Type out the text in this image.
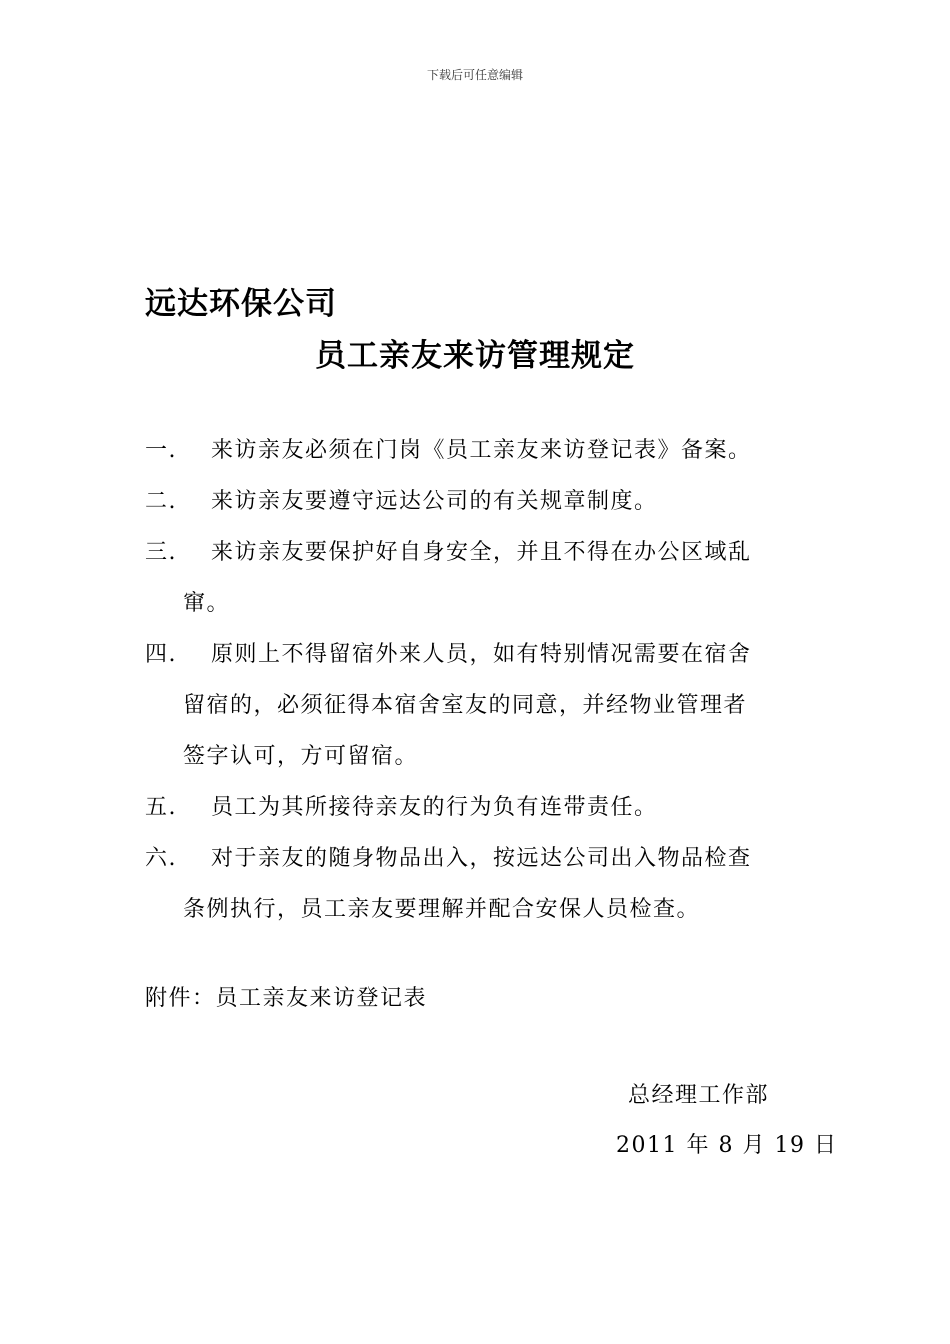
下载后可任意编辑
远达环保公司
员工亲友来访管理规定
一.	来访亲友必须在门岗《员工亲友来访登记表》备案。
二.	来访亲友要遵守远达公司的有关规章制度。
三.	来访亲友要保护好自身安全，并且不得在办公区域乱
窜。
四.	原则上不得留宿外来人员，如有特别情况需要在宿舍
留宿的，必须征得本宿舍室友的同意，并经物业管理者
签字认可，方可留宿。
五.	员工为其所接待亲友的行为负有连带责任。
六.	对于亲友的随身物品出入，按远达公司出入物品检查
条例执行，员工亲友要理解并配合安保人员检查。
附件：员工亲友来访登记表
总经理工作部
2011 年 8 月 19 日
